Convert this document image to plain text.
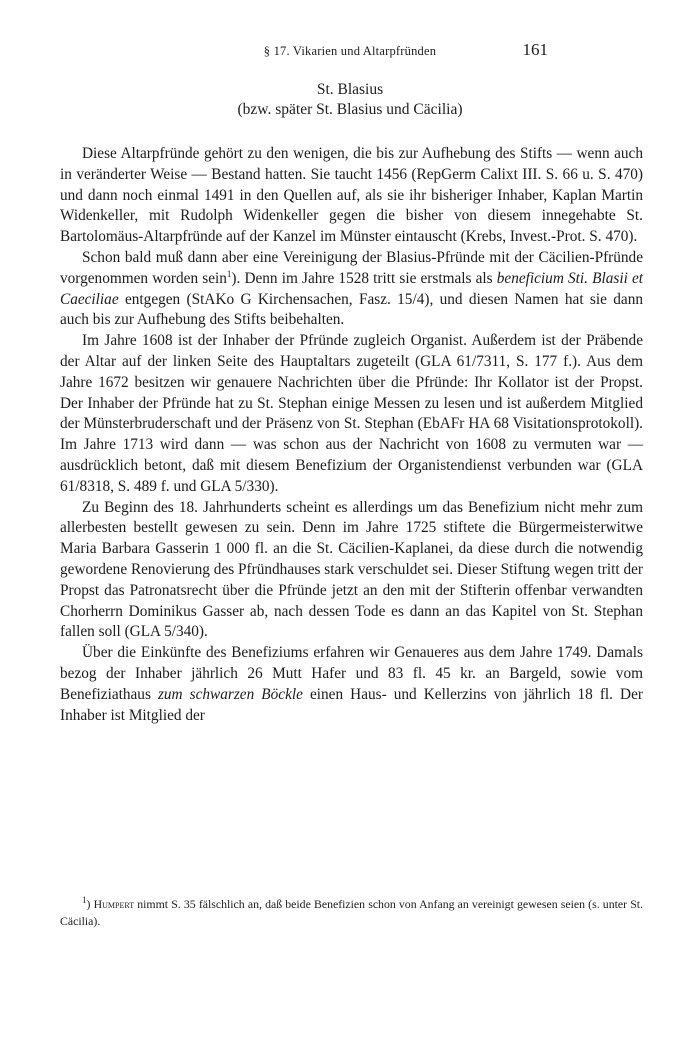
§ 17. Vikarien und Altarpfründen	161
St. Blasius
(bzw. später St. Blasius und Cäcilia)

Diese Altarpfründe gehört zu den wenigen, die bis zur Aufhebung des Stifts — wenn auch in veränderter Weise — Bestand hatten. Sie taucht 1456 (RepGerm Calixt III. S. 66 u. S. 470) und dann noch einmal 1491 in den Quellen auf, als sie ihr bisheriger Inhaber, Kaplan Martin Widenkeller, mit Rudolph Widenkeller gegen die bisher von diesem innegehabte St. Bartolomäus-Altarpfründe auf der Kanzel im Münster eintauscht (Krebs, Invest.-Prot. S. 470).

Schon bald muß dann aber eine Vereinigung der Blasius-Pfründe mit der Cäcilien-Pfründe vorgenommen worden sein$^1$). Denn im Jahre 1528 tritt sie erstmals als beneficium Sti. Blasii et Caeciliae entgegen (StAKo G Kirchensachen, Fasz. 15/4), und diesen Namen hat sie dann auch bis zur Aufhebung des Stifts beibehalten.

Im Jahre 1608 ist der Inhaber der Pfründe zugleich Organist. Außerdem ist der Präbende der Altar auf der linken Seite des Hauptaltars zugeteilt (GLA 61/7311, S. 177 f.). Aus dem Jahre 1672 besitzen wir genauere Nachrichten über die Pfründe: Ihr Kollator ist der Propst. Der Inhaber der Pfründe hat zu St. Stephan einige Messen zu lesen und ist außerdem Mitglied der Münsterbruderschaft und der Präsenz von St. Stephan (EbAFr HA 68 Visitationsprotokoll). Im Jahre 1713 wird dann — was schon aus der Nachricht von 1608 zu vermuten war — ausdrücklich betont, daß mit diesem Benefizium der Organistendienst verbunden war (GLA 61/8318, S. 489 f. und GLA 5/330).

Zu Beginn des 18. Jahrhunderts scheint es allerdings um das Benefizium nicht mehr zum allerbesten bestellt gewesen zu sein. Denn im Jahre 1725 stiftete die Bürgermeisterwitwe Maria Barbara Gasserin 1 000 fl. an die St. Cäcilien-Kaplanei, da diese durch die notwendig gewordene Renovierung des Pfründhauses stark verschuldet sei. Dieser Stiftung wegen tritt der Propst das Patronatsrecht über die Pfründe jetzt an den mit der Stifterin offenbar verwandten Chorherrn Dominikus Gasser ab, nach dessen Tode es dann an das Kapitel von St. Stephan fallen soll (GLA 5/340).

Über die Einkünfte des Benefiziums erfahren wir Genaueres aus dem Jahre 1749. Damals bezog der Inhaber jährlich 26 Mutt Hafer und 83 fl. 45 kr. an Bargeld, sowie vom Benefiziathaus zum schwarzen Böckle einen Haus- und Kellerzins von jährlich 18 fl. Der Inhaber ist Mitglied der

$^1$) Humpert nimmt S. 35 fälschlich an, daß beide Benefizien schon von Anfang an vereinigt gewesen seien (s. unter St. Cäcilia).
